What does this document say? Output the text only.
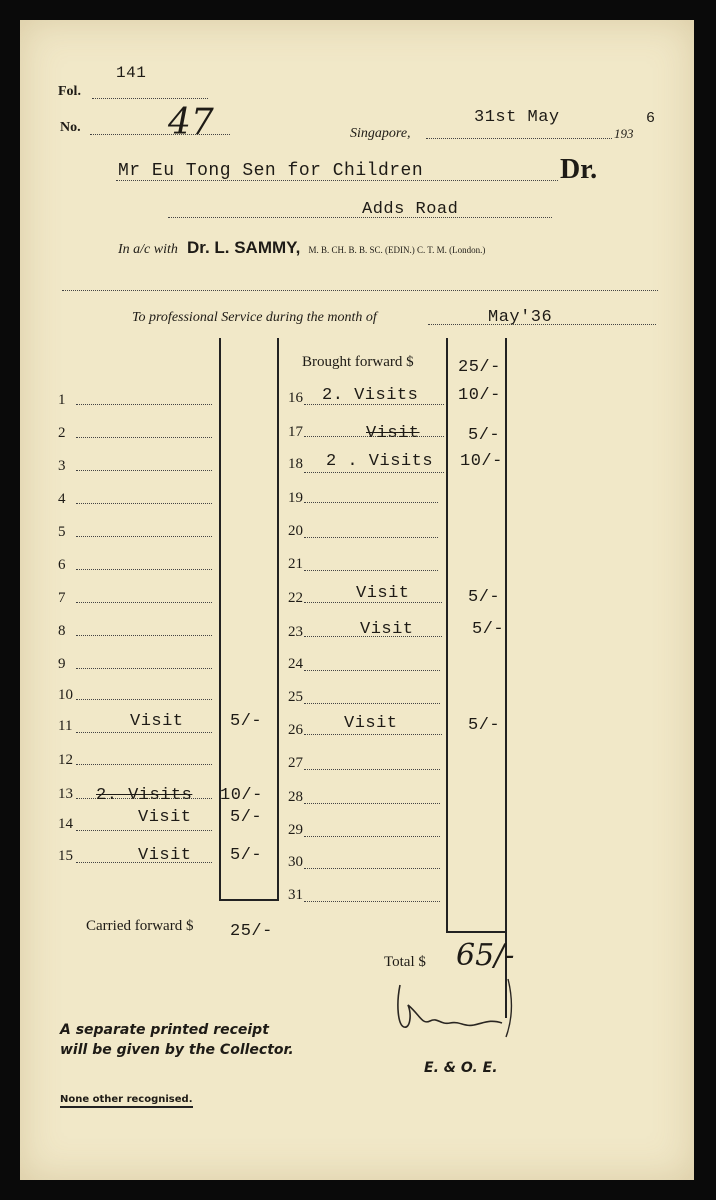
141
Fol.
No. 47	31st May
Singapore,	193
6
Mr Eu Tong Sen for Children	Dr.
Adds Road
In a/c with Dr. L. SAMMY, M. B. CH. B. B. SC. (EDIN.) C. T. M. (London.)
To professional Service during the month of	May'36
Brought forward $	25/-
1
2
3
4
5
6
7
8
9
10
11	Visit	5/-
12
13 2. Visits 10/-
14	Visit 5/-
15	Visit 5/-
16 2. Visits 10/-
17	Visit	5/-
18 2 . Visits 10/-
19
20
21
22	Visit	5/-
23	Visit	5/-
24
25
26 Visit	5/-
27
28
29
30
31
Carried forward $ 25/-
Total $ 65/-
A separate printed receipt
will be given by the Collector.
E. & O. E.
None other recognised.
